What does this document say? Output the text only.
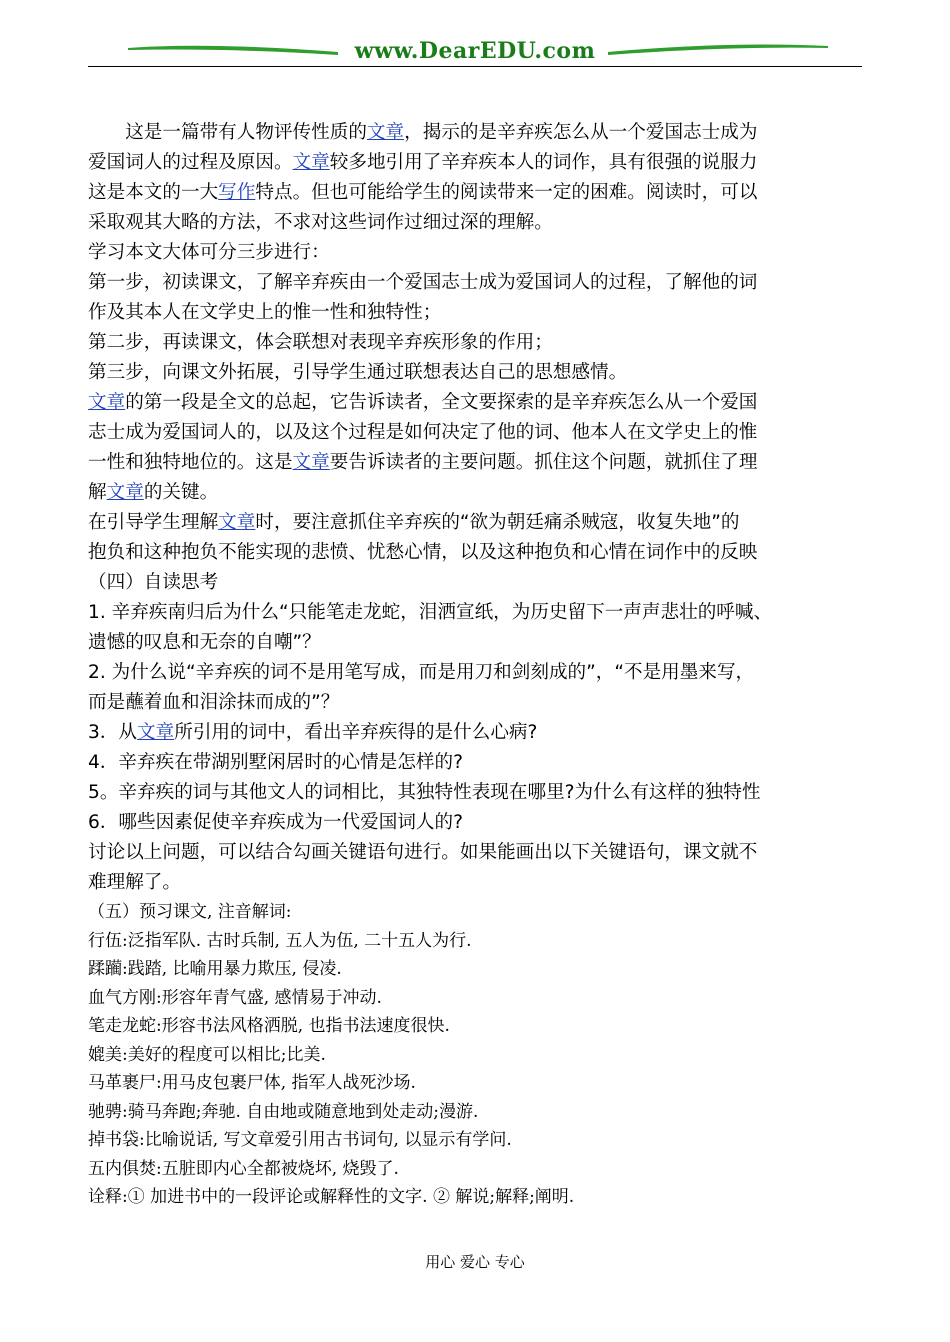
www.DearEDU.com

这是一篇带有人物评传性质的文章，揭示的是辛弃疾怎么从一个爱国志士成为

爱国词人的过程及原因。文章较多地引用了辛弃疾本人的词作，具有很强的说服力

这是本文的一大写作特点。但也可能给学生的阅读带来一定的困难。阅读时，可以

采取观其大略的方法，不求对这些词作过细过深的理解。

学习本文大体可分三步进行：

第一步，初读课文，了解辛弃疾由一个爱国志士成为爱国词人的过程，了解他的词

作及其本人在文学史上的惟一性和独特性；

第二步，再读课文，体会联想对表现辛弃疾形象的作用；

第三步，向课文外拓展，引导学生通过联想表达自己的思想感情。

文章的第一段是全文的总起，它告诉读者，全文要探索的是辛弃疾怎么从一个爱国

志士成为爱国词人的，以及这个过程是如何决定了他的词、他本人在文学史上的惟

一性和独特地位的。这是文章要告诉读者的主要问题。抓住这个问题，就抓住了理

解文章的关键。

在引导学生理解文章时，要注意抓住辛弃疾的“欲为朝廷痛杀贼寇，收复失地”的

抱负和这种抱负不能实现的悲愤、忧愁心情，以及这种抱负和心情在词作中的反映

（四）自读思考

1. 辛弃疾南归后为什么“只能笔走龙蛇，泪洒宣纸，为历史留下一声声悲壮的呼喊、

遗憾的叹息和无奈的自嘲”？

2. 为什么说“辛弃疾的词不是用笔写成，而是用刀和剑刻成的”，“不是用墨来写，

而是蘸着血和泪涂抹而成的”？

3．从文章所引用的词中，看出辛弃疾得的是什么心病?

4．辛弃疾在带湖别墅闲居时的心情是怎样的?

5。辛弃疾的词与其他文人的词相比，其独特性表现在哪里?为什么有这样的独特性

6．哪些因素促使辛弃疾成为一代爱国词人的?

讨论以上问题，可以结合勾画关键语句进行。如果能画出以下关键语句，课文就不

难理解了。

（五）预习课文, 注音解词:

行伍:泛指军队. 古时兵制, 五人为伍, 二十五人为行.

蹂躏:践踏, 比喻用暴力欺压, 侵凌.

血气方刚:形容年青气盛, 感情易于冲动.

笔走龙蛇:形容书法风格洒脱, 也指书法速度很快.

媲美:美好的程度可以相比;比美.

马革裹尸:用马皮包裹尸体, 指军人战死沙场.

驰骋:骑马奔跑;奔驰. 自由地或随意地到处走动;漫游.

掉书袋:比喻说话, 写文章爱引用古书词句, 以显示有学问.

五内俱焚:五脏即内心全都被烧坏, 烧毁了.

诠释:① 加进书中的一段评论或解释性的文字. ② 解说;解释;阐明.

用心 爱心 专心
